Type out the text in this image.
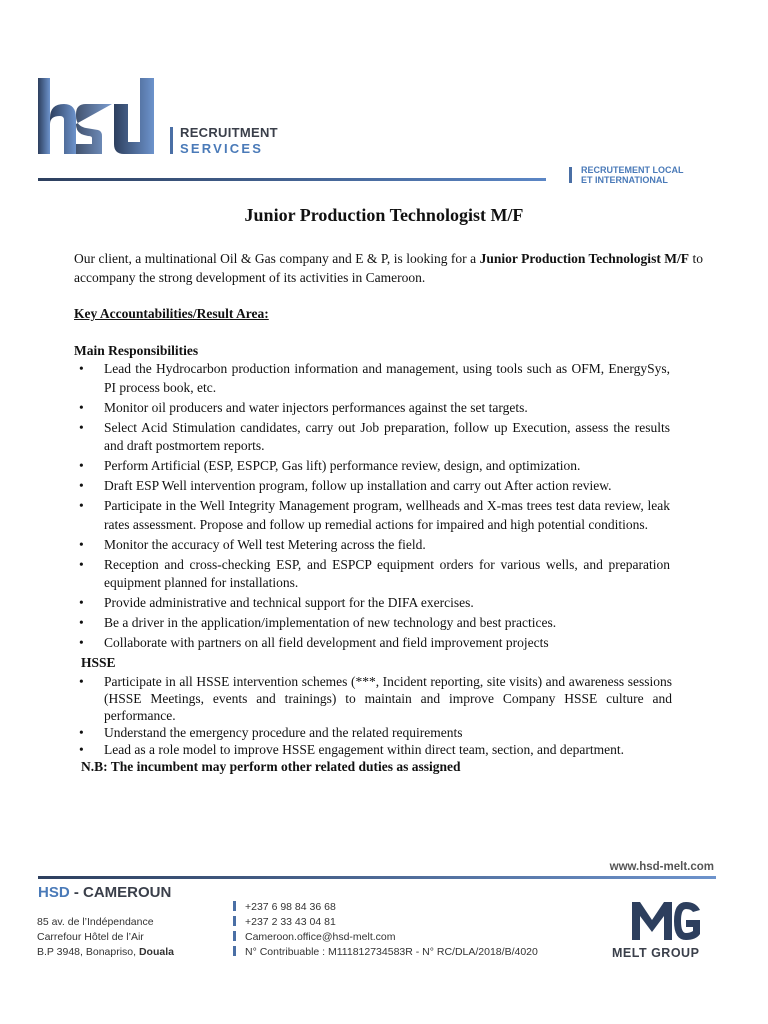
RECRUITMENT
SERVICES
RECRUTEMENT LOCAL
ET INTERNATIONAL
Junior Production Technologist M/F

Our client, a multinational Oil & Gas company and E & P, is looking for a Junior Production Technologist M/F to accompany the strong development of its activities in Cameroon.

Key Accountabilities/Result Area:

Main Responsibilities

• Lead the Hydrocarbon production information and management, using tools such as OFM, EnergySys, PI process book, etc.
• Monitor oil producers and water injectors performances against the set targets.
• Select Acid Stimulation candidates, carry out Job preparation, follow up Execution, assess the results and draft postmortem reports.
• Perform Artificial (ESP, ESPCP, Gas lift) performance review, design, and optimization.
• Draft ESP Well intervention program, follow up installation and carry out After action review.
• Participate in the Well Integrity Management program, wellheads and X-mas trees test data review, leak rates assessment. Propose and follow up remedial actions for impaired and high potential conditions.
• Monitor the accuracy of Well test Metering across the field.
• Reception and cross-checking ESP, and ESPCP equipment orders for various wells, and preparation equipment planned for installations.
• Provide administrative and technical support for the DIFA exercises.
• Be a driver in the application/implementation of new technology and best practices.
• Collaborate with partners on all field development and field improvement projects

HSSE

• Participate in all HSSE intervention schemes (***, Incident reporting, site visits) and awareness sessions (HSSE Meetings, events and trainings) to maintain and improve Company HSSE culture and performance.
• Understand the emergency procedure and the related requirements
• Lead as a role model to improve HSSE engagement within direct team, section, and department.

N.B: The incumbent may perform other related duties as assigned

www.hsd-melt.com
HSD - CAMEROUN
85 av. de l’Indépendance
Carrefour Hôtel de l’Air
B.P 3948, Bonapriso, Douala
+237 6 98 84 36 68
+237 2 33 43 04 81
Cameroon.office@hsd-melt.com
N° Contribuable : M111812734583R - N° RC/DLA/2018/B/4020	MELT GROUP
